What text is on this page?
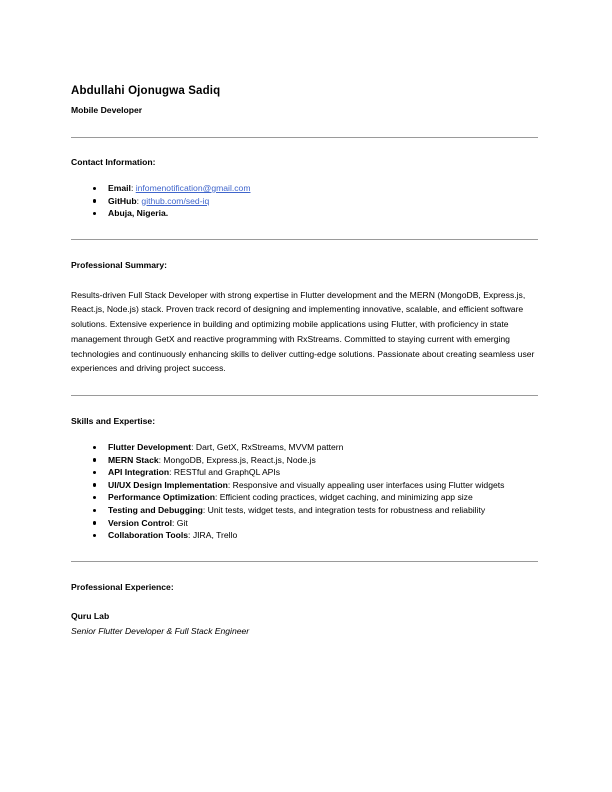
Abdullahi Ojonugwa Sadiq
Mobile Developer
Contact Information:
Email: infomenotification@gmail.com
GitHub: github.com/sed-iq
Abuja, Nigeria.
Professional Summary:

Results-driven Full Stack Developer with strong expertise in Flutter development and the MERN (MongoDB, Express.js, React.js, Node.js) stack. Proven track record of designing and implementing innovative, scalable, and efficient software solutions. Extensive experience in building and optimizing mobile applications using Flutter, with proficiency in state management through GetX and reactive programming with RxStreams. Committed to staying current with emerging technologies and continuously enhancing skills to deliver cutting-edge solutions. Passionate about creating seamless user experiences and driving project success.

Skills and Expertise:
Flutter Development: Dart, GetX, RxStreams, MVVM pattern
MERN Stack: MongoDB, Express.js, React.js, Node.js
API Integration: RESTful and GraphQL APIs
UI/UX Design Implementation: Responsive and visually appealing user interfaces using Flutter widgets
Performance Optimization: Efficient coding practices, widget caching, and minimizing app size
Testing and Debugging: Unit tests, widget tests, and integration tests for robustness and reliability
Version Control: Git
Collaboration Tools: JIRA, Trello
Professional Experience:
Quru Lab
Senior Flutter Developer & Full Stack Engineer
